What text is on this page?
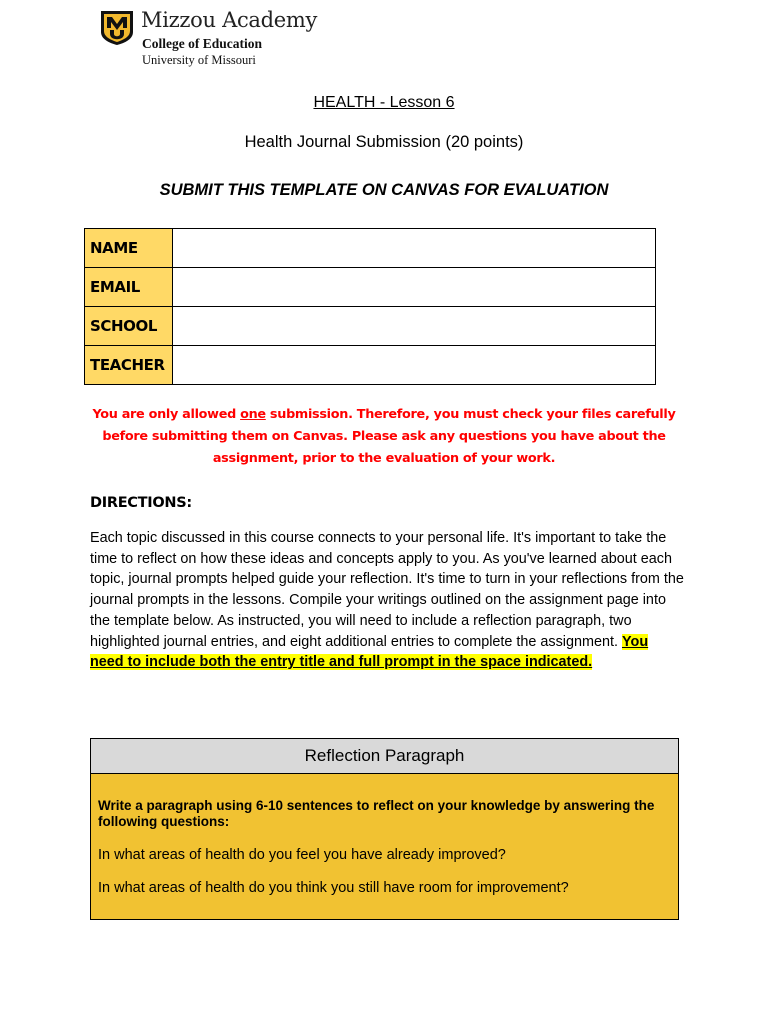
Mizzou Academy
College of Education
University of Missouri
HEALTH - Lesson 6
Health Journal Submission (20 points)
SUBMIT THIS TEMPLATE ON CANVAS FOR EVALUATION
NAME	
EMAIL	
SCHOOL	
TEACHER	
You are only allowed one submission. Therefore, you must check your files carefully before submitting them on Canvas. Please ask any questions you have about the assignment, prior to the evaluation of your work.
DIRECTIONS:
Each topic discussed in this course connects to your personal life. It's important to take the time to reflect on how these ideas and concepts apply to you. As you've learned about each topic, journal prompts helped guide your reflection. It's time to turn in your reflections from the journal prompts in the lessons. Compile your writings outlined on the assignment page into the template below. As instructed, you will need to include a reflection paragraph, two highlighted journal entries, and eight additional entries to complete the assignment. You need to include both the entry title and full prompt in the space indicated.
Reflection Paragraph
Write a paragraph using 6-10 sentences to reflect on your knowledge by answering the following questions:
In what areas of health do you feel you have already improved?
In what areas of health do you think you still have room for improvement?
